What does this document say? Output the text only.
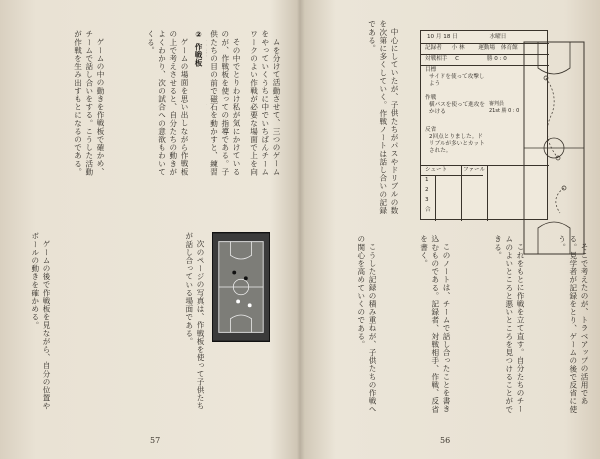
ムを分けて活動させて、三つのゲームをやっていくうちに中でいちばんチームワークのよい作戦が必要な場面で上を向

その中でとりわけ私が気にかけているのが、作戦板を使っての指導である。子供たちの目の前で磁石を動かすと、練習

② 作戦板

ゲームの場面を思い出しながら作戦板の上で考えさせると、自分たちの動きがよくわかり、次の試合への意欲もわいてくる。

ゲームの中の動きを作戦板で確かめ、チームで話し合いをする。こうした活動が作戦を生み出すもとになるのである。

次のページの写真は、作戦板を使って子供たちが話し合っている場面である。

ゲームの後で作戦板を見ながら、自分の位置やボールの動きを確かめる。

57

中心にしていたが、子供たちがパスやドリブルの数を次第に多くしていく。作戦ノートは話し合いの記録である。

そこで考えたのが、トラベアップの活用である。見学者が記録をとり、ゲームの後で反省に使う。

これをもとに作戦を立て直す。自分たちのチームのよいところと悪いところを見つけることができる。

このノートは、チームで話し合ったことを書き込むものである。記録者、対戦相手、作戦、反省を書く。

こうした記録の積み重ねが、子供たちの作戦への関心を高めていくのである。

10 月 18 日	水曜日
記録者 小 林 運動場 体育館
対戦相手 C	勝 0 : 0
目標
サイドを使って攻撃しよう
作戦
横パスを使って進攻をかける
反省
2回点とりました。ドリブルが多いとカットされた。
審判員
21st 勝 0 : 0
シュート	ファール
1
2
3
合
56
